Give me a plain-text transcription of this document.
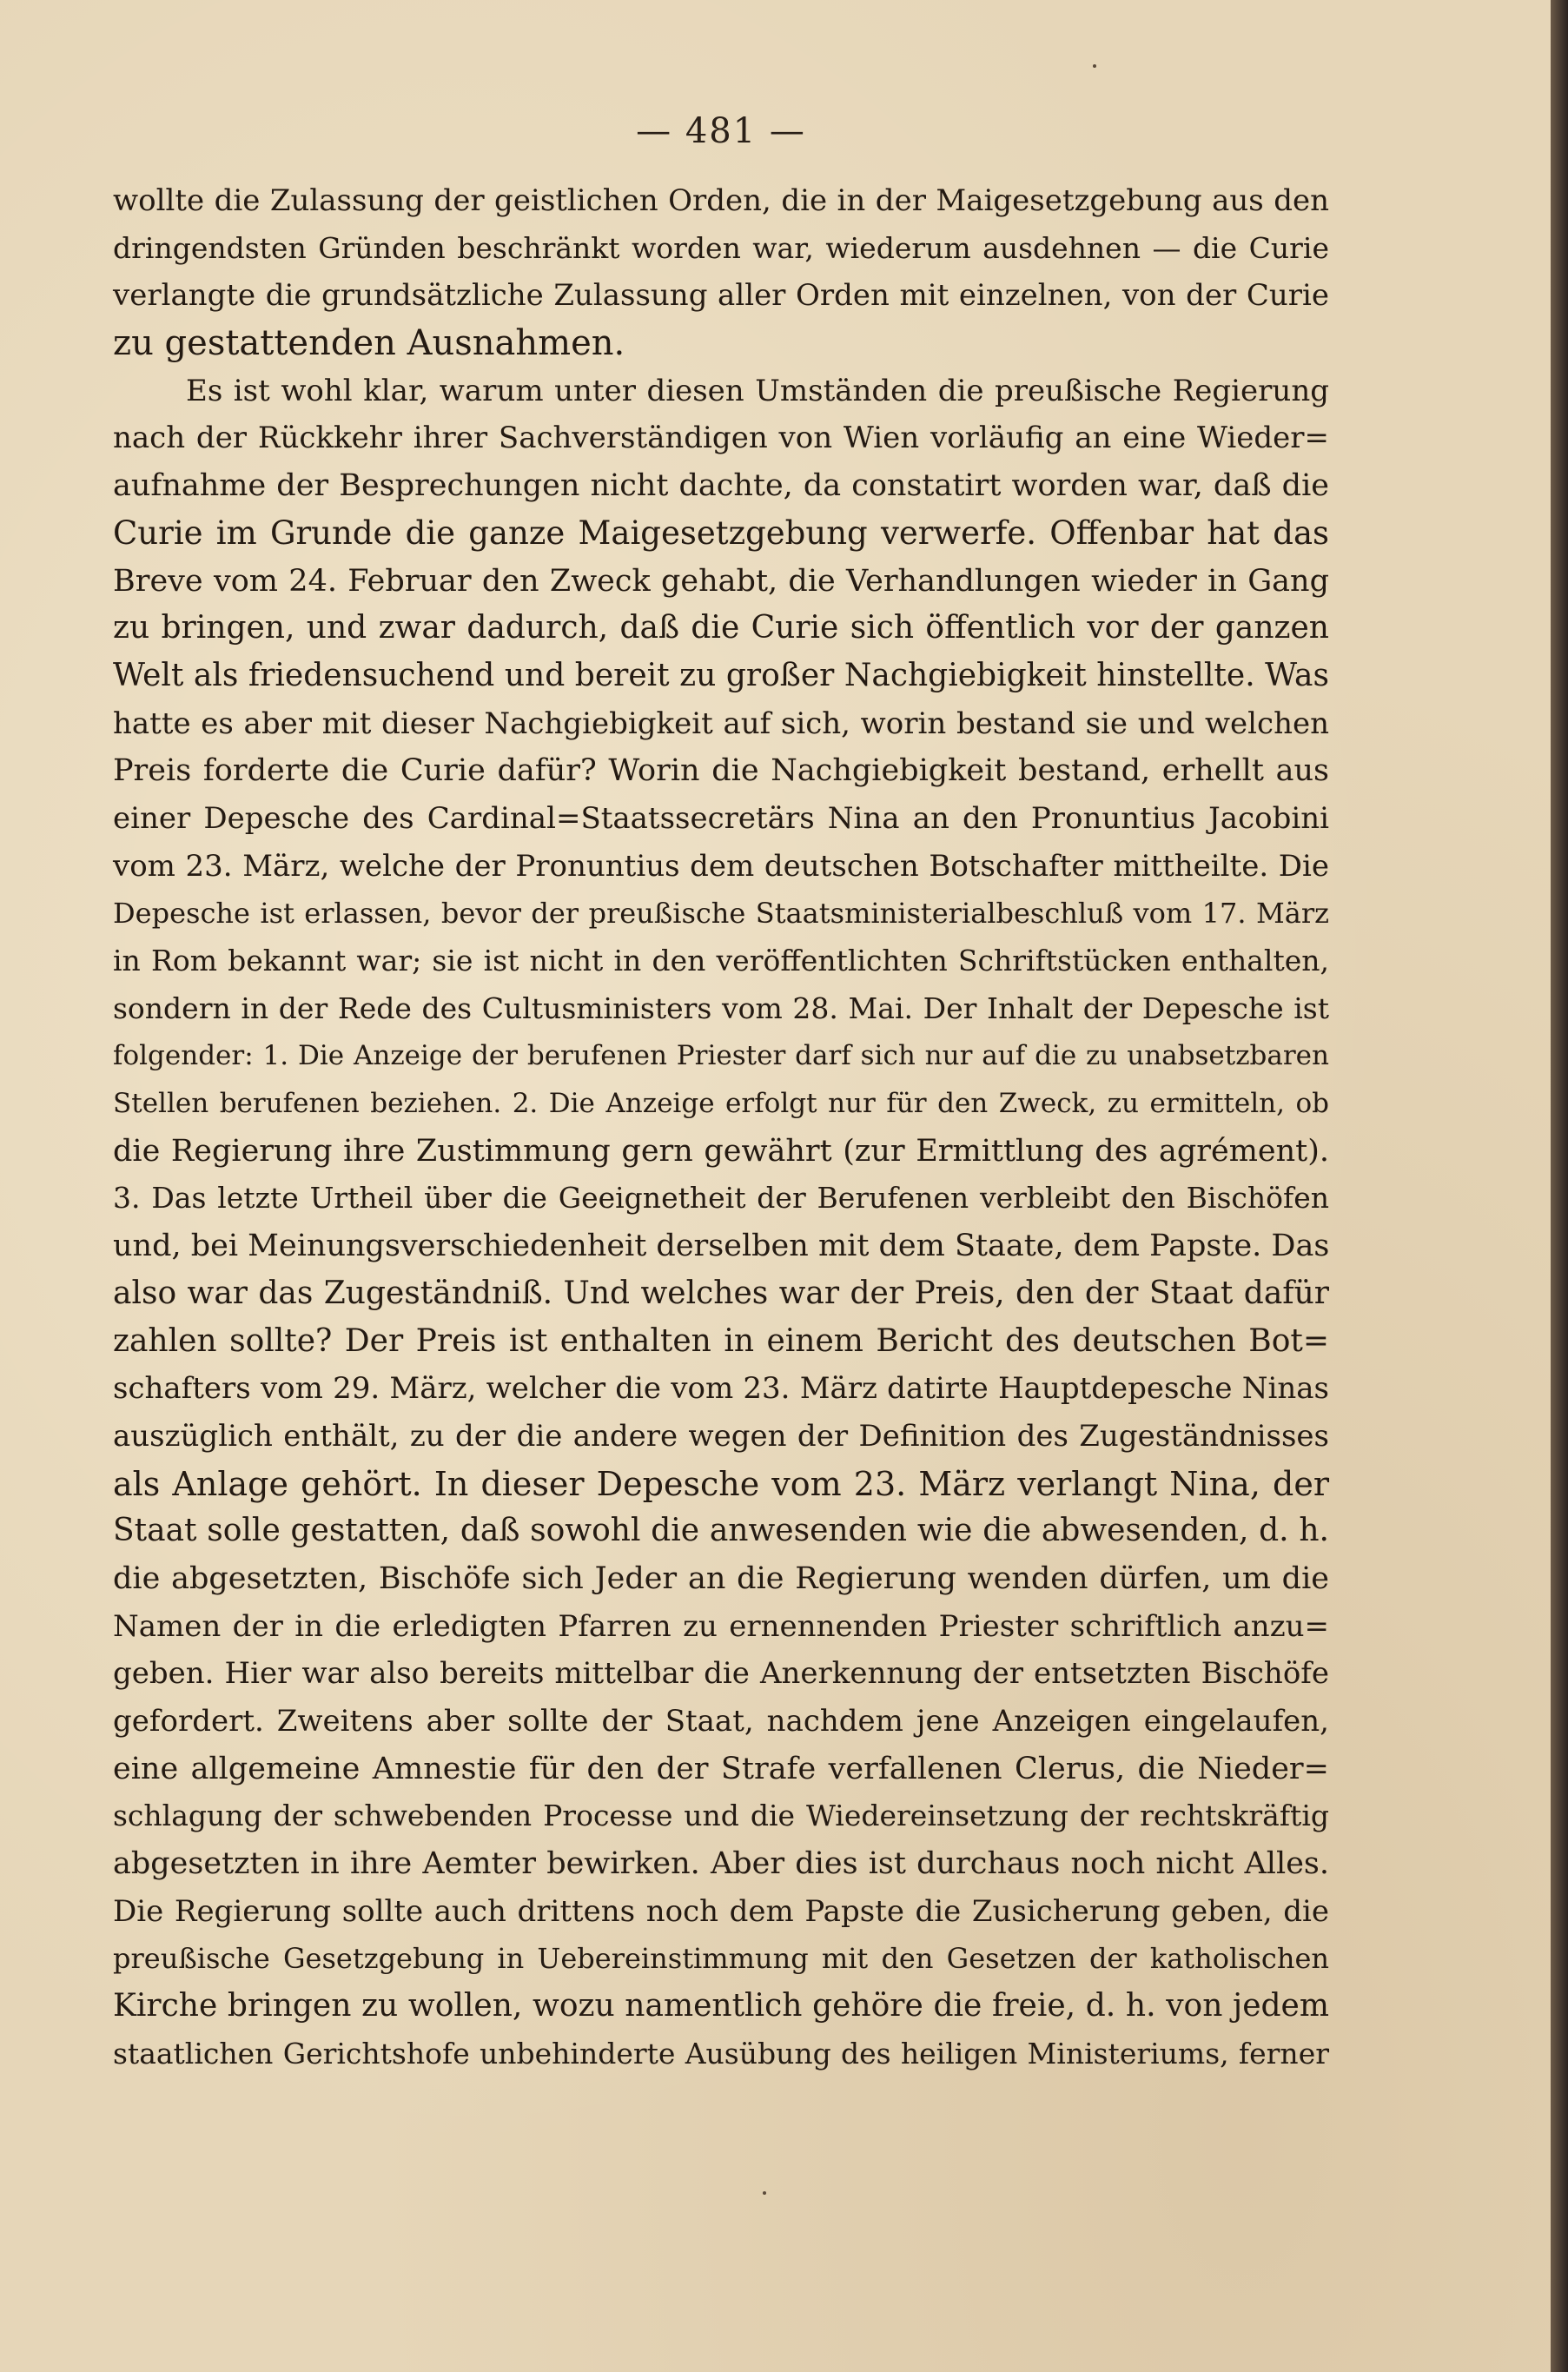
— 481 —
wollte die Zulassung der geistlichen Orden, die in der Maigesetzgebung aus den
dringendsten Gründen beschränkt worden war, wiederum ausdehnen — die Curie
verlangte die grundsätzliche Zulassung aller Orden mit einzelnen, von der Curie
zu gestattenden Ausnahmen.
Es ist wohl klar, warum unter diesen Umständen die preußische Regierung
nach der Rückkehr ihrer Sachverständigen von Wien vorläufig an eine Wieder=
aufnahme der Besprechungen nicht dachte, da constatirt worden war, daß die
Curie im Grunde die ganze Maigesetzgebung verwerfe. Offenbar hat das
Breve vom 24. Februar den Zweck gehabt, die Verhandlungen wieder in Gang
zu bringen, und zwar dadurch, daß die Curie sich öffentlich vor der ganzen
Welt als friedensuchend und bereit zu großer Nachgiebigkeit hinstellte. Was
hatte es aber mit dieser Nachgiebigkeit auf sich, worin bestand sie und welchen
Preis forderte die Curie dafür? Worin die Nachgiebigkeit bestand, erhellt aus
einer Depesche des Cardinal=Staatssecretärs Nina an den Pronuntius Jacobini
vom 23. März, welche der Pronuntius dem deutschen Botschafter mittheilte. Die
Depesche ist erlassen, bevor der preußische Staatsministerialbeschluß vom 17. März
in Rom bekannt war; sie ist nicht in den veröffentlichten Schriftstücken enthalten,
sondern in der Rede des Cultusministers vom 28. Mai. Der Inhalt der Depesche ist
folgender: 1. Die Anzeige der berufenen Priester darf sich nur auf die zu unabsetzbaren
Stellen berufenen beziehen. 2. Die Anzeige erfolgt nur für den Zweck, zu ermitteln, ob
die Regierung ihre Zustimmung gern gewährt (zur Ermittlung des agrément).
3. Das letzte Urtheil über die Geeignetheit der Berufenen verbleibt den Bischöfen
und, bei Meinungsverschiedenheit derselben mit dem Staate, dem Papste. Das
also war das Zugeständniß. Und welches war der Preis, den der Staat dafür
zahlen sollte? Der Preis ist enthalten in einem Bericht des deutschen Bot=
schafters vom 29. März, welcher die vom 23. März datirte Hauptdepesche Ninas
auszüglich enthält, zu der die andere wegen der Definition des Zugeständnisses
als Anlage gehört. In dieser Depesche vom 23. März verlangt Nina, der
Staat solle gestatten, daß sowohl die anwesenden wie die abwesenden, d. h.
die abgesetzten, Bischöfe sich Jeder an die Regierung wenden dürfen, um die
Namen der in die erledigten Pfarren zu ernennenden Priester schriftlich anzu=
geben. Hier war also bereits mittelbar die Anerkennung der entsetzten Bischöfe
gefordert. Zweitens aber sollte der Staat, nachdem jene Anzeigen eingelaufen,
eine allgemeine Amnestie für den der Strafe verfallenen Clerus, die Nieder=
schlagung der schwebenden Processe und die Wiedereinsetzung der rechtskräftig
abgesetzten in ihre Aemter bewirken. Aber dies ist durchaus noch nicht Alles.
Die Regierung sollte auch drittens noch dem Papste die Zusicherung geben, die
preußische Gesetzgebung in Uebereinstimmung mit den Gesetzen der katholischen
Kirche bringen zu wollen, wozu namentlich gehöre die freie, d. h. von jedem
staatlichen Gerichtshofe unbehinderte Ausübung des heiligen Ministeriums, ferner
